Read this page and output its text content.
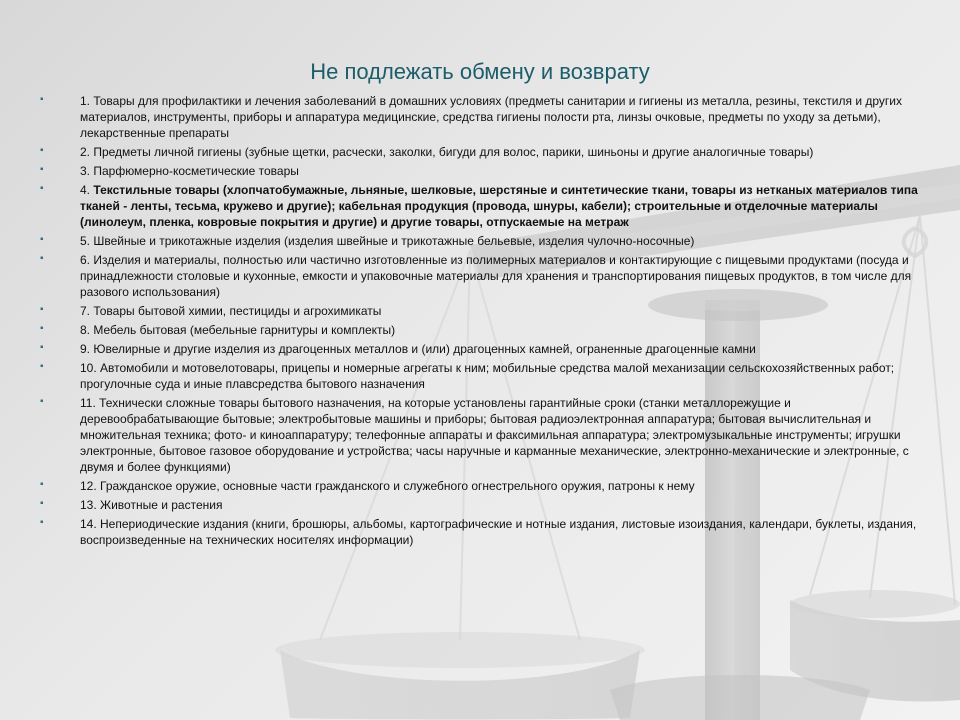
Не подлежать обмену и возврату
▪	1. Товары для профилактики и лечения заболеваний в домашних условиях (предметы санитарии и гигиены из металла, резины, текстиля и других материалов, инструменты, приборы и аппаратура медицинские, средства гигиены полости рта, линзы очковые, предметы по уходу за детьми), лекарственные препараты
▪	2. Предметы личной гигиены (зубные щетки, расчески, заколки, бигуди для волос, парики, шиньоны и другие аналогичные товары)
▪	3. Парфюмерно-косметические товары
▪	4. Текстильные товары (хлопчатобумажные, льняные, шелковые, шерстяные и синтетические ткани, товары из нетканых материалов типа тканей - ленты, тесьма, кружево и другие); кабельная продукция (провода, шнуры, кабели); строительные и отделочные материалы (линолеум, пленка, ковровые покрытия и другие) и другие товары, отпускаемые на метраж
▪	5. Швейные и трикотажные изделия (изделия швейные и трикотажные бельевые, изделия чулочно-носочные)
▪	6. Изделия и материалы, полностью или частично изготовленные из полимерных материалов и контактирующие с пищевыми продуктами (посуда и принадлежности столовые и кухонные, емкости и упаковочные материалы для хранения и транспортирования пищевых продуктов, в том числе для разового использования)
▪	7. Товары бытовой химии, пестициды и агрохимикаты
▪	8. Мебель бытовая (мебельные гарнитуры и комплекты)
▪	9. Ювелирные и другие изделия из драгоценных металлов и (или) драгоценных камней, ограненные драгоценные камни
▪	10. Автомобили и мотовелотовары, прицепы и номерные агрегаты к ним; мобильные средства малой механизации сельскохозяйственных работ; прогулочные суда и иные плавсредства бытового назначения
▪	11. Технически сложные товары бытового назначения, на которые установлены гарантийные сроки (станки металлорежущие и деревообрабатывающие бытовые; электробытовые машины и приборы; бытовая радиоэлектронная аппаратура; бытовая вычислительная и множительная техника; фото- и киноаппаратуру; телефонные аппараты и факсимильная аппаратура; электромузыкальные инструменты; игрушки электронные, бытовое газовое оборудование и устройства; часы наручные и карманные механические, электронно-механические и электронные, с двумя и более функциями)
▪	12. Гражданское оружие, основные части гражданского и служебного огнестрельного оружия, патроны к нему
▪	13. Животные и растения
▪	14. Непериодические издания (книги, брошюры, альбомы, картографические и нотные издания, листовые изоиздания, календари, буклеты, издания, воспроизведенные на технических носителях информации)
